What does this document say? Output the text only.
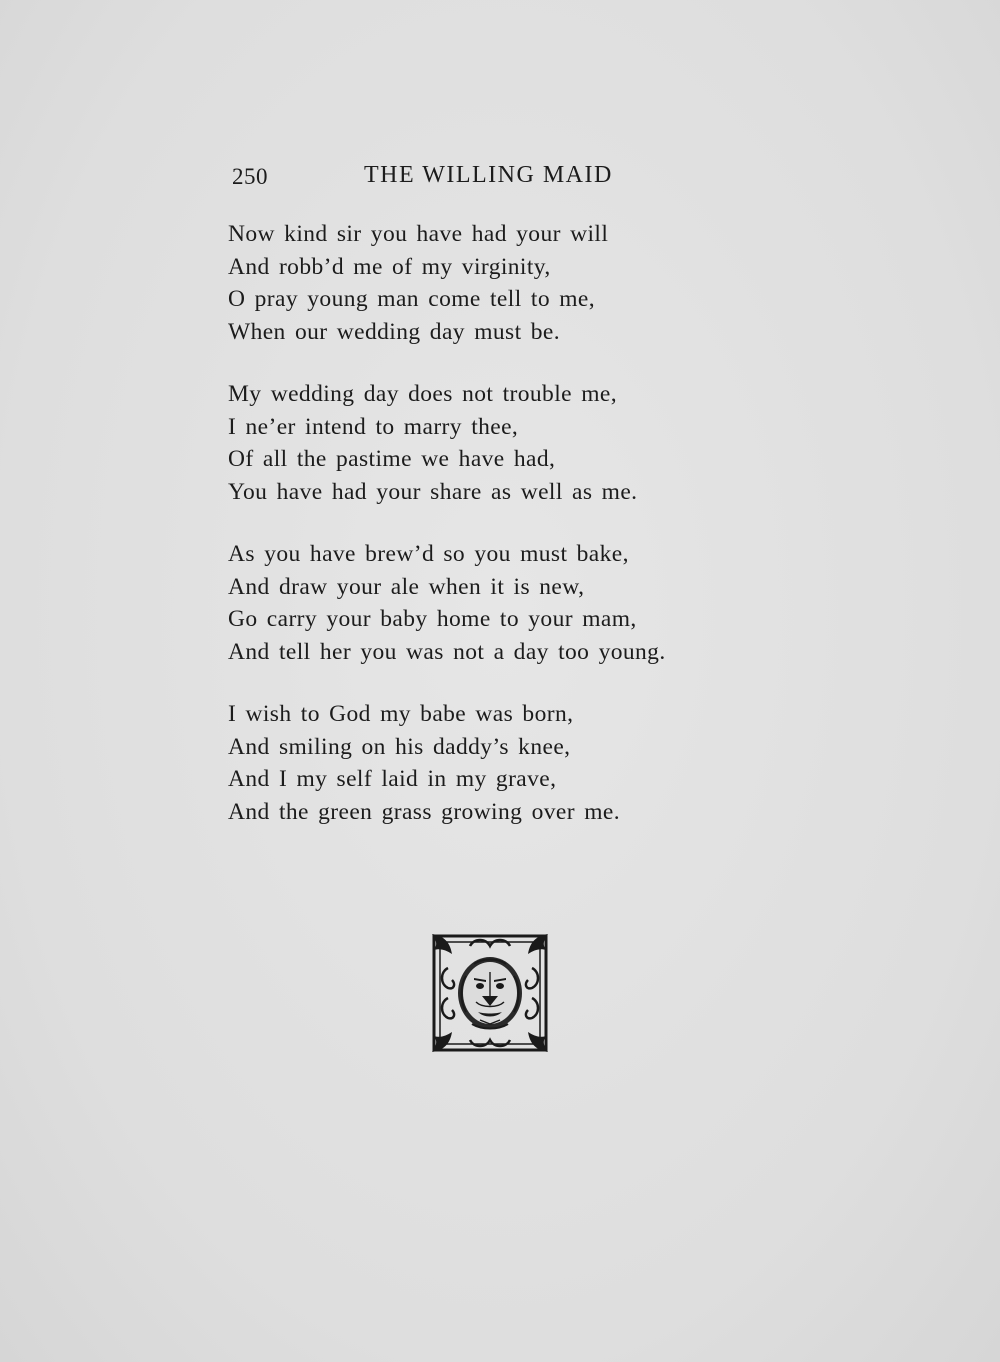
250	THE WILLING MAID
Now kind sir you have had your will
And robb’d me of my virginity,
O pray young man come tell to me,
When our wedding day must be.
My wedding day does not trouble me,
I ne’er intend to marry thee,
Of all the pastime we have had,
You have had your share as well as me.
As you have brew’d so you must bake,
And draw your ale when it is new,
Go carry your baby home to your mam,
And tell her you was not a day too young.
I wish to God my babe was born,
And smiling on his daddy’s knee,
And I my self laid in my grave,
And the green grass growing over me.
